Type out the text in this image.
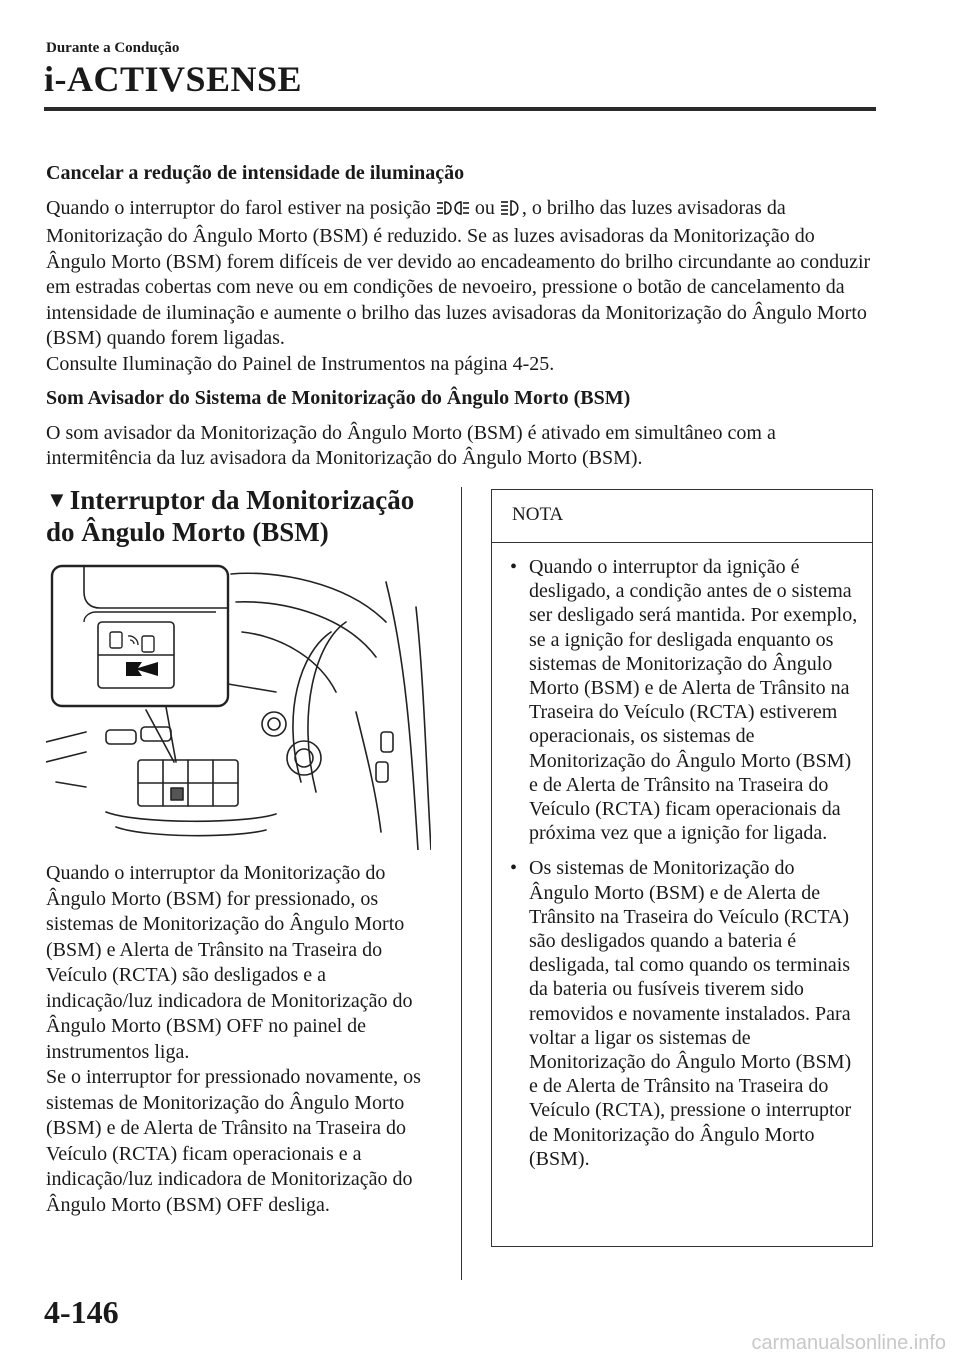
Durante a Condução
i-ACTIVSENSE

Cancelar a redução de intensidade de iluminação

Quando o interruptor do farol estiver na posição ou , o brilho das luzes avisadoras da Monitorização do Ângulo Morto (BSM) é reduzido. Se as luzes avisadoras da Monitorização do Ângulo Morto (BSM) forem difíceis de ver devido ao encadeamento do brilho circundante ao conduzir em estradas cobertas com neve ou em condições de nevoeiro, pressione o botão de cancelamento da intensidade de iluminação e aumente o brilho das luzes avisadoras da Monitorização do Ângulo Morto (BSM) quando forem ligadas.

Consulte Iluminação do Painel de Instrumentos na página 4-25.

Som Avisador do Sistema de Monitorização do Ângulo Morto (BSM)

O som avisador da Monitorização do Ângulo Morto (BSM) é ativado em simultâneo com a intermitência da luz avisadora da Monitorização do Ângulo Morto (BSM).

▼Interruptor da Monitorização do Ângulo Morto (BSM)

Quando o interruptor da Monitorização do Ângulo Morto (BSM) for pressionado, os sistemas de Monitorização do Ângulo Morto (BSM) e Alerta de Trânsito na Traseira do Veículo (RCTA) são desligados e a indicação/luz indicadora de Monitorização do Ângulo Morto (BSM) OFF no painel de instrumentos liga.

Se o interruptor for pressionado novamente, os sistemas de Monitorização do Ângulo Morto (BSM) e de Alerta de Trânsito na Traseira do Veículo (RCTA) ficam operacionais e a indicação/luz indicadora de Monitorização do Ângulo Morto (BSM) OFF desliga.

NOTA
• Quando o interruptor da ignição é desligado, a condição antes de o sistema ser desligado será mantida. Por exemplo, se a ignição for desligada enquanto os sistemas de Monitorização do Ângulo Morto (BSM) e de Alerta de Trânsito na Traseira do Veículo (RCTA) estiverem operacionais, os sistemas de Monitorização do Ângulo Morto (BSM) e de Alerta de Trânsito na Traseira do Veículo (RCTA) ficam operacionais da próxima vez que a ignição for ligada.
• Os sistemas de Monitorização do Ângulo Morto (BSM) e de Alerta de Trânsito na Traseira do Veículo (RCTA) são desligados quando a bateria é desligada, tal como quando os terminais da bateria ou fusíveis tiverem sido removidos e novamente instalados. Para voltar a ligar os sistemas de Monitorização do Ângulo Morto (BSM) e de Alerta de Trânsito na Traseira do Veículo (RCTA), pressione o interruptor de Monitorização do Ângulo Morto (BSM).
4-146
carmanualsonline.info
